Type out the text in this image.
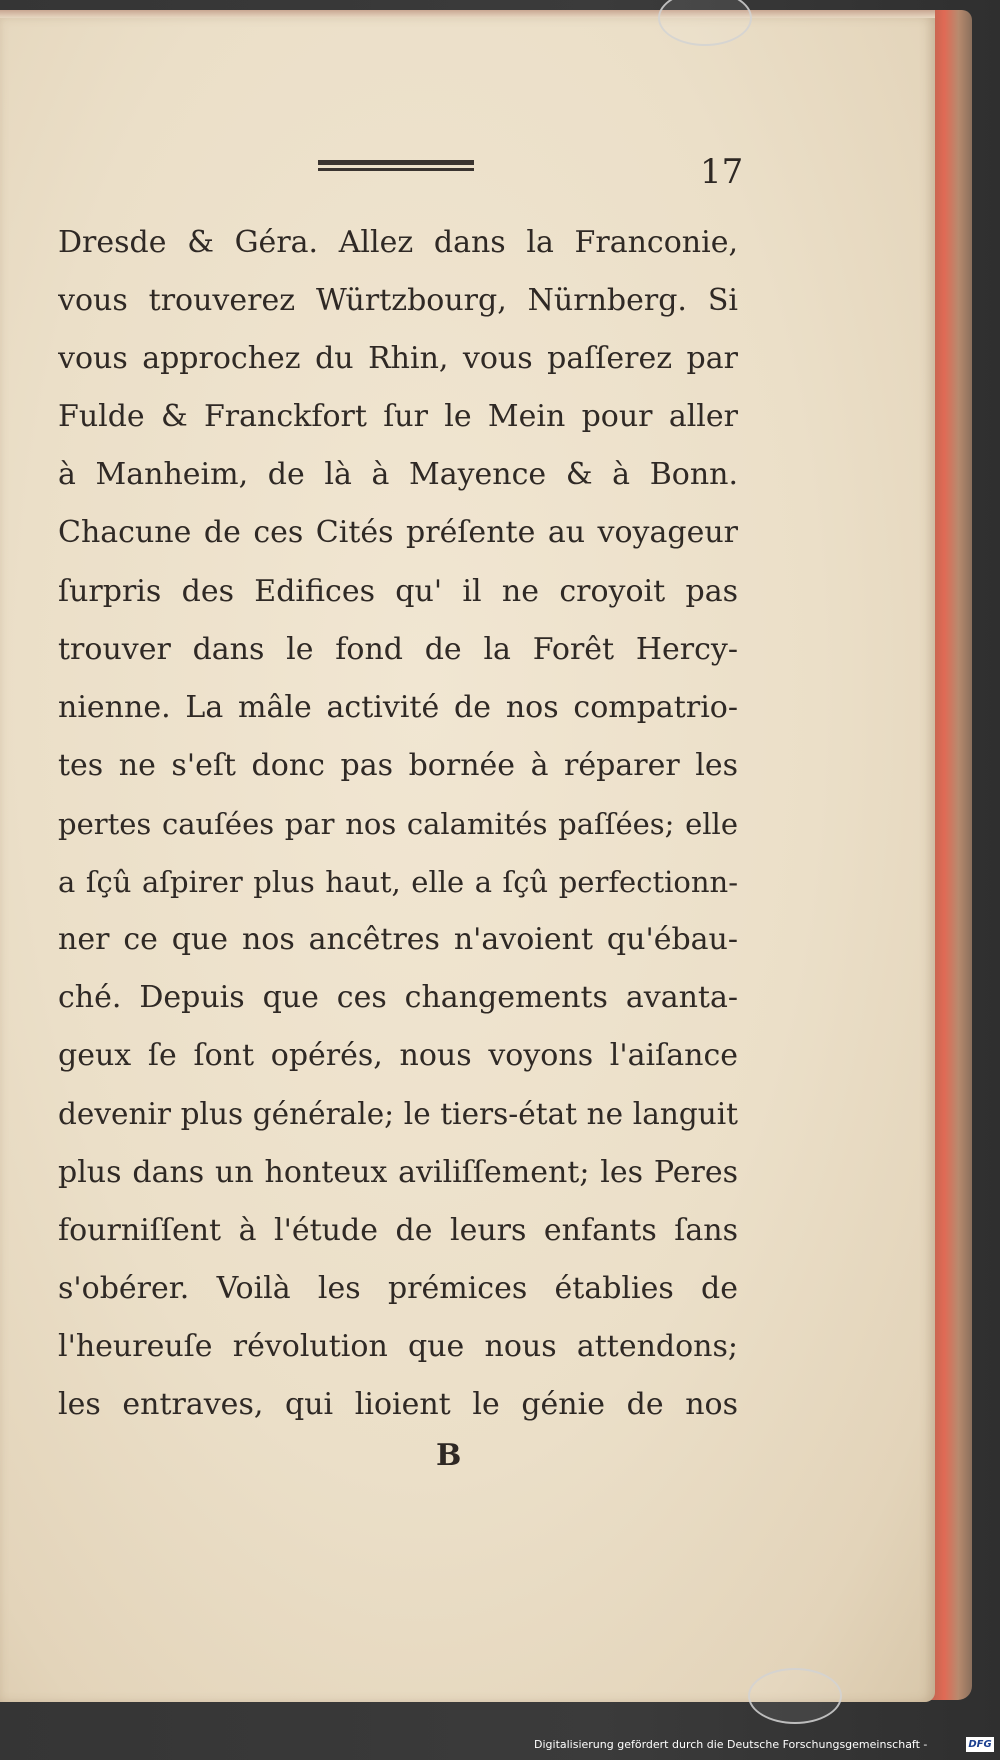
17
Dresde & Géra. Allez dans la Franconie,
vous trouverez Würtzbourg, Nürnberg. Si
vous approchez du Rhin, vous paſſerez par
Fulde & Franckfort ſur le Mein pour aller
à Manheim, de là à Mayence & à Bonn.
Chacune de ces Cités préſente au voyageur
ſurpris des Edifices qu' il ne croyoit pas
trouver dans le fond de la Forêt Hercy-
nienne. La mâle activité de nos compatrio-
tes ne s'eſt donc pas bornée à réparer les
pertes cauſées par nos calamités paſſées; elle
a ſçû aſpirer plus haut, elle a ſçû perfectionn-
ner ce que nos ancêtres n'avoient qu'ébau-
ché. Depuis que ces changements avanta-
geux ſe ſont opérés, nous voyons l'aiſance
devenir plus générale; le tiers-état ne languit
plus dans un honteux aviliſſement; les Peres
fourniſſent à l'étude de leurs enfants ſans
s'obérer. Voilà les prémices établies de
l'heureuſe révolution que nous attendons;
les entraves, qui lioient le génie de nos
B
Digitalisierung gefördert durch die Deutsche Forschungsgemeinschaft -	DFG
